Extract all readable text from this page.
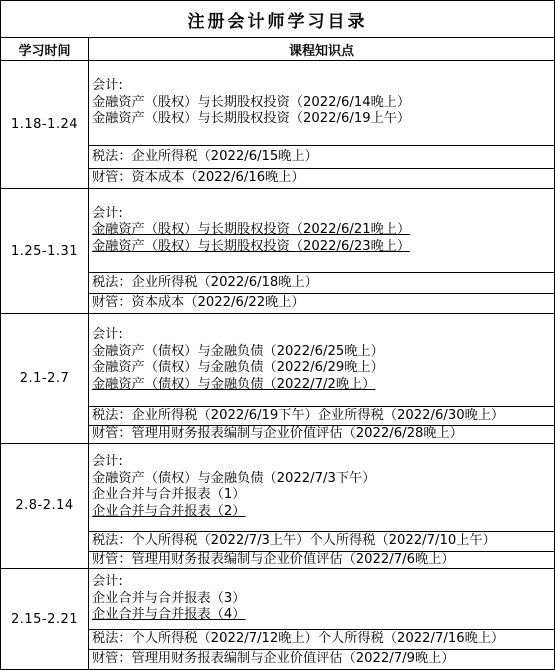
注册会计师学习目录	
学习时间	课程知识点
1.18-1.24	会计:
金融资产（股权）与长期股权投资（2022/6/14晚上）
金融资产（股权）与长期股权投资（2022/6/19上午）

	税法：企业所得税（2022/6/15晚上）

	财管：资本成本（2022/6/16晚上）

1.25-1.31	会计:
金融资产（股权）与长期股权投资（2022/6/21晚上）
金融资产（股权）与长期股权投资（2022/6/23晚上）

	税法：企业所得税（2022/6/18晚上）

	财管：资本成本（2022/6/22晚上）

2.1-2.7	会计:
金融资产（债权）与金融负债（2022/6/25晚上）
金融资产（债权）与金融负债（2022/6/29晚上）
金融资产（债权）与金融负债（2022/7/2晚上）

	税法：企业所得税（2022/6/19下午）企业所得税（2022/6/30晚上）

	财管：管理用财务报表编制与企业价值评估（2022/6/28晚上）

2.8-2.14	会计:
金融资产（债权）与金融负债（2022/7/3下午）
企业合并与合并报表（1）
企业合并与合并报表（2）

	税法：个人所得税（2022/7/3上午）个人所得税（2022/7/10上午）

	财管：管理用财务报表编制与企业价值评估（2022/7/6晚上）

2.15-2.21	会计:
企业合并与合并报表（3）
企业合并与合并报表（4）

	税法：个人所得税（2022/7/12晚上）个人所得税（2022/7/16晚上）

	财管：管理用财务报表编制与企业价值评估（2022/7/9晚上）
